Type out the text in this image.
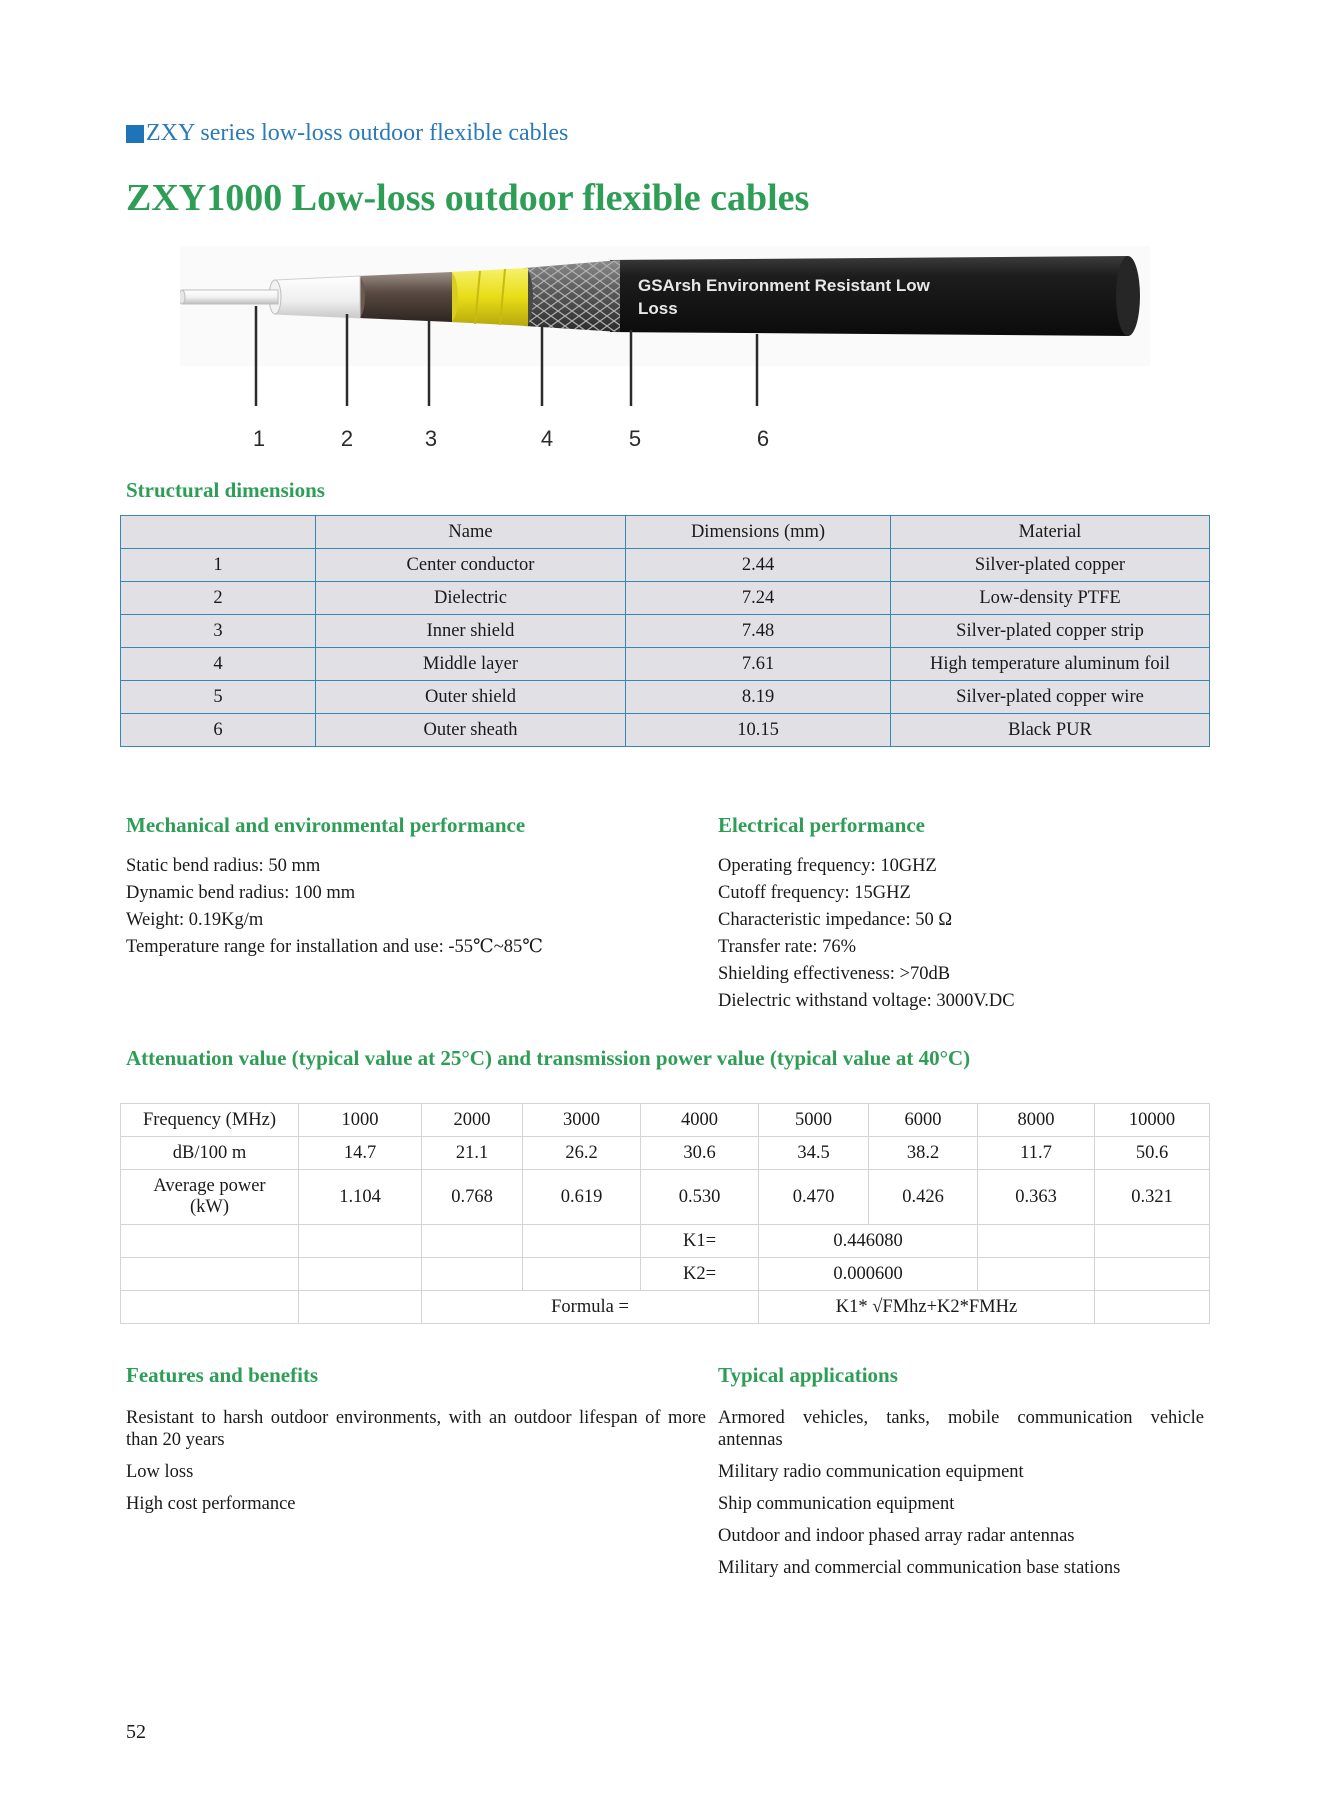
ZXY series low-loss outdoor flexible cables
ZXY1000 Low-loss outdoor flexible cables
GSArsh Environment Resistant Low
Loss
1	2	3	4	5	6
Structural dimensions
	Name	Dimensions (mm)	Material
1	Center conductor	2.44	Silver-plated copper
2	Dielectric	7.24	Low-density PTFE
3	Inner shield	7.48	Silver-plated copper strip
4	Middle layer	7.61	High temperature aluminum foil
5	Outer shield	8.19	Silver-plated copper wire
6	Outer sheath	10.15	Black PUR
Mechanical and environmental performance
Static bend radius: 50 mm
Dynamic bend radius: 100 mm
Weight: 0.19Kg/m
Temperature range for installation and use: -55℃~85℃
Electrical performance
Operating frequency: 10GHZ
Cutoff frequency: 15GHZ
Characteristic impedance: 50 Ω
Transfer rate: 76%
Shielding effectiveness: >70dB
Dielectric withstand voltage: 3000V.DC
Attenuation value (typical value at 25°C) and transmission power value (typical value at 40°C)
Frequency (MHz)	1000	2000	3000	4000	5000	6000	8000	10000
dB/100 m	14.7	21.1	26.2	30.6	34.5	38.2	11.7	50.6

Average power
(kW)	1.104	0.768	0.619	0.530	0.470	0.426	0.363	0.321
				K1=	0.446080			
				K2=	0.000600			
		Formula =			K1* √FMhz+K2*FMHz			
Features and benefits
Resistant to harsh outdoor environments, with an outdoor lifespan of more than 20 years
Low loss
High cost performance
Typical applications
Armored vehicles, tanks, mobile communication vehicle antennas
Military radio communication equipment
Ship communication equipment
Outdoor and indoor phased array radar antennas
Military and commercial communication base stations
52
